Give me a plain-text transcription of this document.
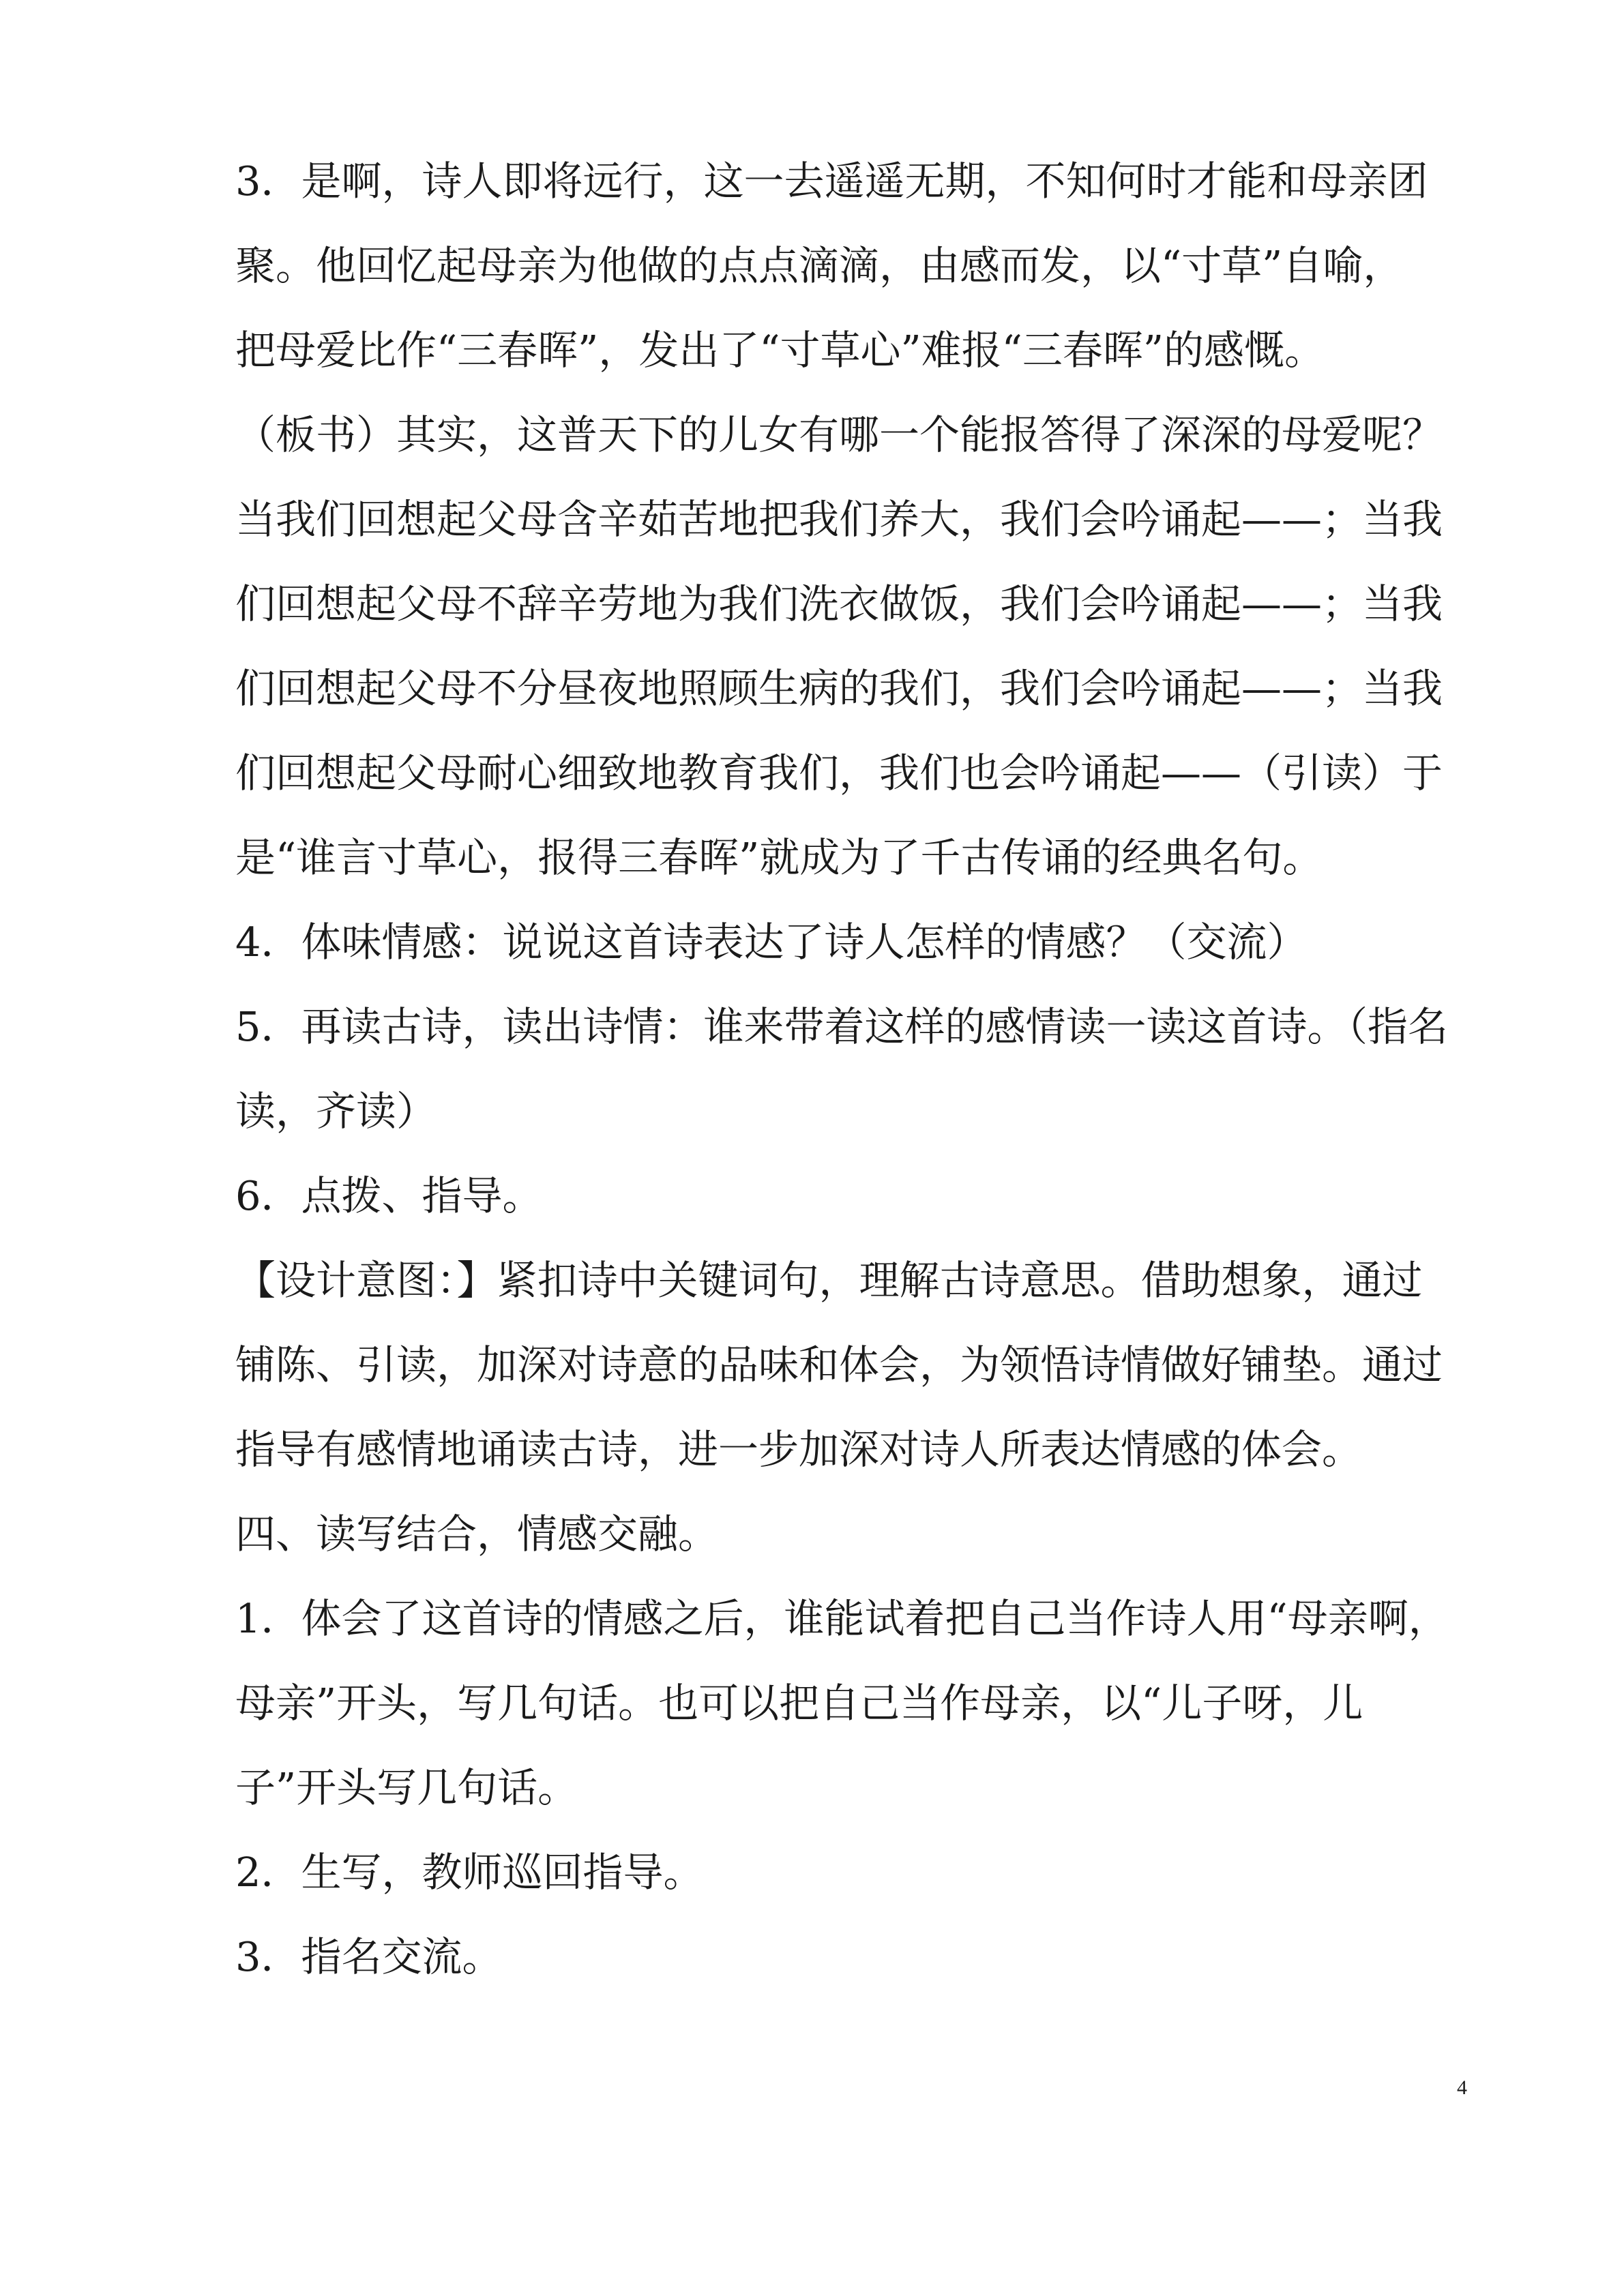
3．是啊，诗人即将远行，这一去遥遥无期，不知何时才能和母亲团
聚。他回忆起母亲为他做的点点滴滴，由感而发，以“寸草”自喻，
把母爱比作“三春晖”，发出了“寸草心”难报“三春晖”的感慨。
（板书）其实，这普天下的儿女有哪一个能报答得了深深的母爱呢？
当我们回想起父母含辛茹苦地把我们养大，我们会吟诵起——；当我
们回想起父母不辞辛劳地为我们洗衣做饭，我们会吟诵起——；当我
们回想起父母不分昼夜地照顾生病的我们，我们会吟诵起——；当我
们回想起父母耐心细致地教育我们，我们也会吟诵起——（引读）于
是“谁言寸草心，报得三春晖”就成为了千古传诵的经典名句。
4．体味情感：说说这首诗表达了诗人怎样的情感？（交流）
5．再读古诗，读出诗情：谁来带着这样的感情读一读这首诗。（指名
读，齐读）
6．点拨、指导。
【设计意图：】紧扣诗中关键词句，理解古诗意思。借助想象，通过
铺陈、引读，加深对诗意的品味和体会，为领悟诗情做好铺垫。通过
指导有感情地诵读古诗，进一步加深对诗人所表达情感的体会。
四、读写结合，情感交融。
1．体会了这首诗的情感之后，谁能试着把自己当作诗人用“母亲啊，
母亲”开头，写几句话。也可以把自己当作母亲，以“儿子呀，儿
子”开头写几句话。
2．生写，教师巡回指导。
3．指名交流。
4
